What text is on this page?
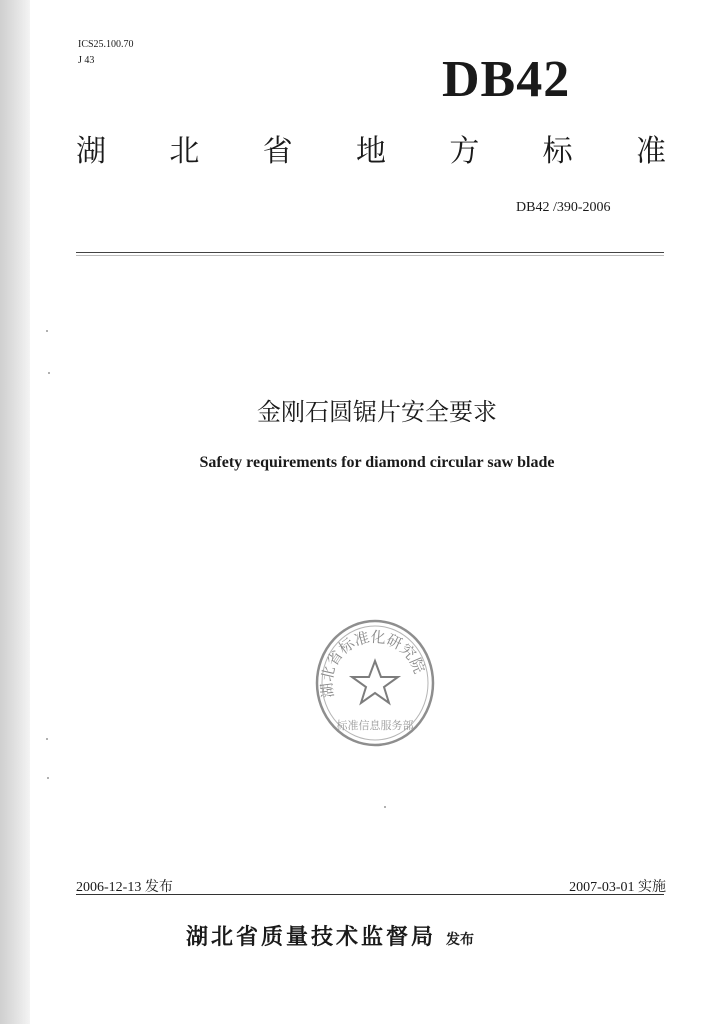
ICS25.100.70
J 43	DB42
湖 北 省 地 方 标 准
DB42 /390-2006
金刚石圆锯片安全要求
Safety requirements for diamond circular saw blade
湖北省标准化研究院
标准信息服务部
2006-12-13 发布	2007-03-01 实施
湖北省质量技术监督局 发布
